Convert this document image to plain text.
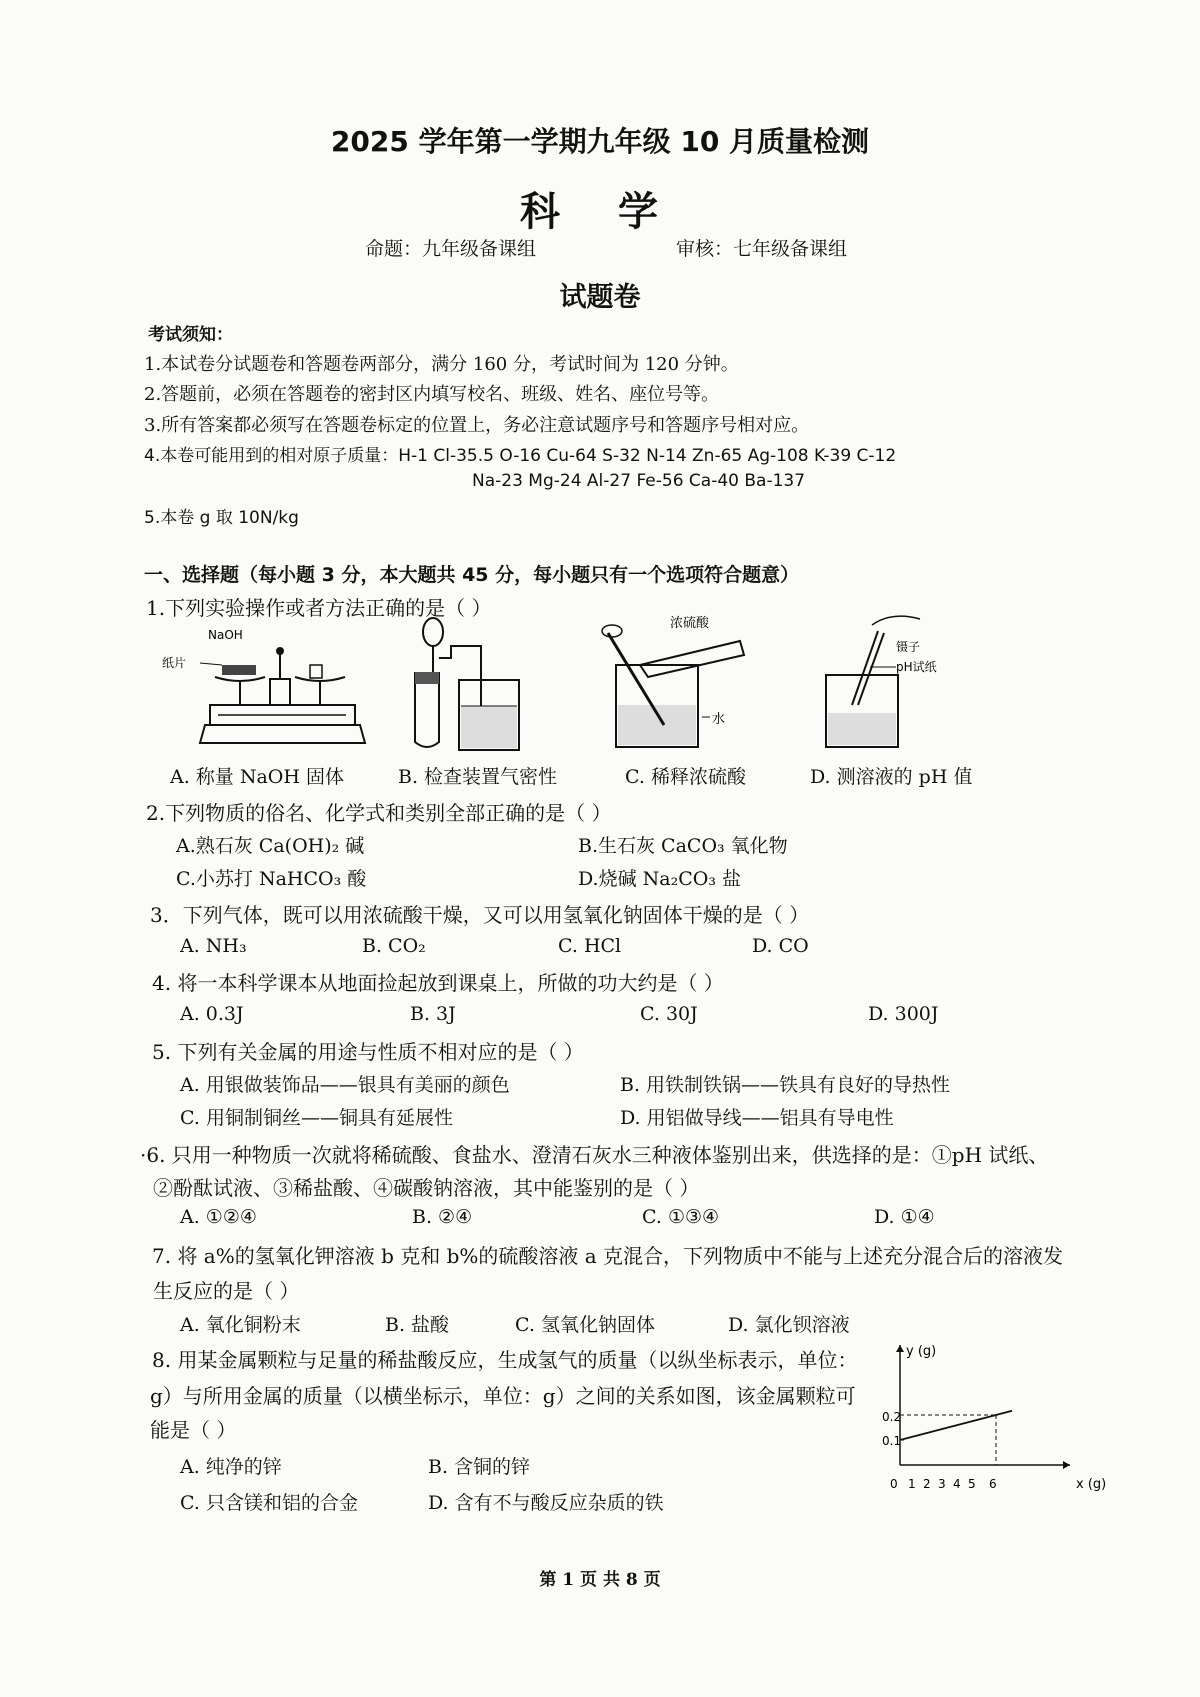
2025 学年第一学期九年级 10 月质量检测
科 学
命题：九年级备课组	审核：七年级备课组
试题卷
考试须知：
1.本试卷分试题卷和答题卷两部分，满分 160 分，考试时间为 120 分钟。
2.答题前，必须在答题卷的密封区内填写校名、班级、姓名、座位号等。
3.所有答案都必须写在答题卷标定的位置上，务必注意试题序号和答题序号相对应。
4.本卷可能用到的相对原子质量：H-1 Cl-35.5 O-16 Cu-64 S-32 N-14 Zn-65 Ag-108 K-39 C-12
Na-23 Mg-24 Al-27 Fe-56 Ca-40 Ba-137
5.本卷 g 取 10N/kg
一、选择题（每小题 3 分，本大题共 45 分，每小题只有一个选项符合题意）
1.下列实验操作或者方法正确的是（ ）
NaOH
纸片
浓硫酸
水
镊子
pH试纸
A. 称量 NaOH 固体	B. 检查装置气密性	C. 稀释浓硫酸	D. 测溶液的 pH 值
2.下列物质的俗名、化学式和类别全部正确的是（ ）
A.熟石灰 Ca(OH)₂ 碱	B.生石灰 CaCO₃ 氧化物
C.小苏打 NaHCO₃ 酸	D.烧碱 Na₂CO₃ 盐
3．下列气体，既可以用浓硫酸干燥，又可以用氢氧化钠固体干燥的是（ ）
A. NH₃	B. CO₂	C. HCl	D. CO
4. 将一本科学课本从地面捡起放到课桌上，所做的功大约是（ ）
A. 0.3J	B. 3J	C. 30J	D. 300J
5. 下列有关金属的用途与性质不相对应的是（ ）
A. 用银做装饰品——银具有美丽的颜色	B. 用铁制铁锅——铁具有良好的导热性
C. 用铜制铜丝——铜具有延展性	D. 用铝做导线——铝具有导电性
·6. 只用一种物质一次就将稀硫酸、食盐水、澄清石灰水三种液体鉴别出来，供选择的是：①pH 试纸、
②酚酞试液、③稀盐酸、④碳酸钠溶液，其中能鉴别的是（ ）
A. ①②④	B. ②④	C. ①③④	D. ①④
7. 将 a%的氢氧化钾溶液 b 克和 b%的硫酸溶液 a 克混合，下列物质中不能与上述充分混合后的溶液发
生反应的是（ ）
A. 氧化铜粉末	B. 盐酸	C. 氢氧化钠固体	D. 氯化钡溶液
8. 用某金属颗粒与足量的稀盐酸反应，生成氢气的质量（以纵坐标表示，单位：
g）与所用金属的质量（以横坐标示，单位：g）之间的关系如图，该金属颗粒可
能是（ ）
A. 纯净的锌	B. 含铜的锌
C. 只含镁和铝的合金	D. 含有不与酸反应杂质的铁
y (g)
x (g)
0 1 2 3 4 5 6
0.1
0.2
第 1 页 共 8 页
